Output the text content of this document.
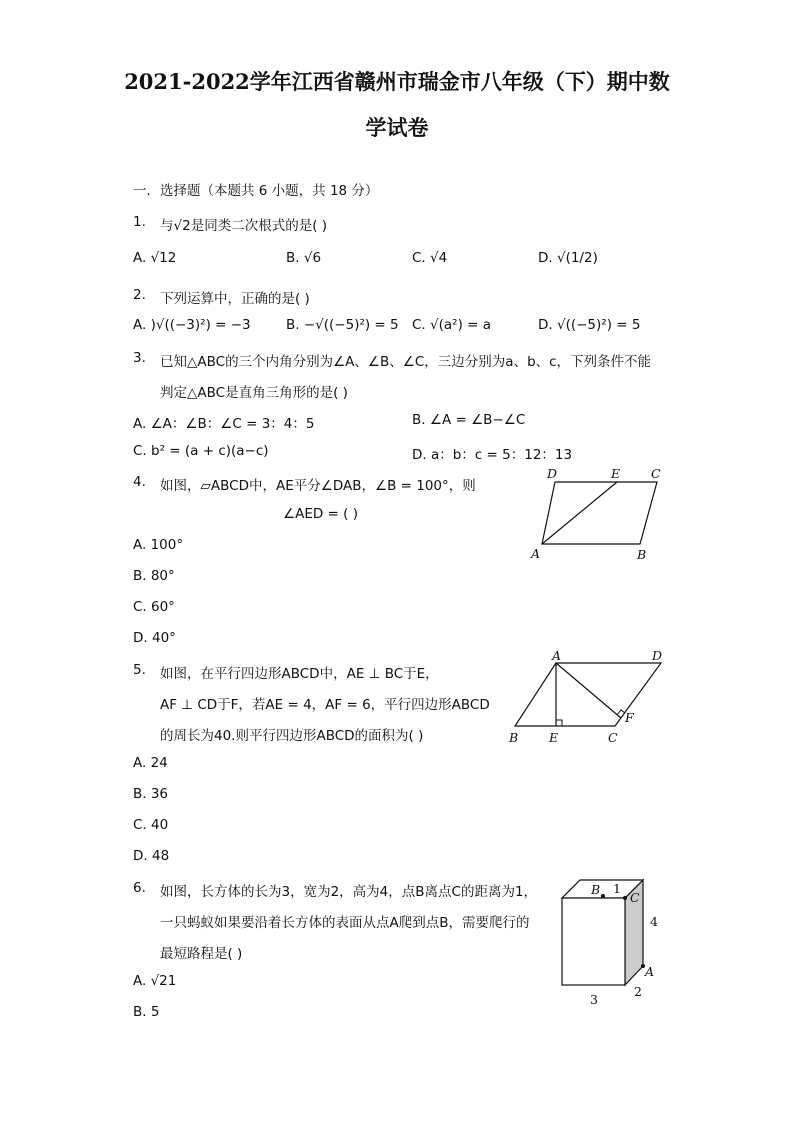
2021-2022学年江西省赣州市瑞金市八年级（下）期中数
学试卷
一．选择题（本题共 6 小题，共 18 分）
1. 与√2是同类二次根式的是( )
A. √12	B. √6	C. √4	D. √(1/2)
2. 下列运算中，正确的是( )
A. )√((−3)²) = −3	B. −√((−5)²) = 5 C. √(a²) = a	D. √((−5)²) = 5
3. 已知△ABC的三个内角分别为∠A、∠B、∠C，三边分别为a、b、c，下列条件不能
判定△ABC是直角三角形的是( )
A. ∠A：∠B：∠C = 3：4：5	B. ∠A = ∠B−∠C
C. b² = (a + c)(a−c)	D. a：b：c = 5：12：13
4. 如图，▱ABCD中，AE平分∠DAB，∠B = 100°，则
∠AED = ( )
A. 100°
B. 80°
C. 60°
D. 40°
D	E C
A	B
5. 如图，在平行四边形ABCD中，AE ⊥ BC于E，
AF ⊥ CD于F，若AE = 4，AF = 6，平行四边形ABCD
的周长为40.则平行四边形ABCD的面积为( )
A. 24
B. 36
C. 40
D. 48
A	D
F
B E	C
6. 如图，长方体的长为3，宽为2，高为4，点B离点C的距离为1，
一只蚂蚁如果要沿着长方体的表面从点A爬到点B，需要爬行的
最短路程是( )
A. √21
B. 5
B 1
C
4
A
2
3
